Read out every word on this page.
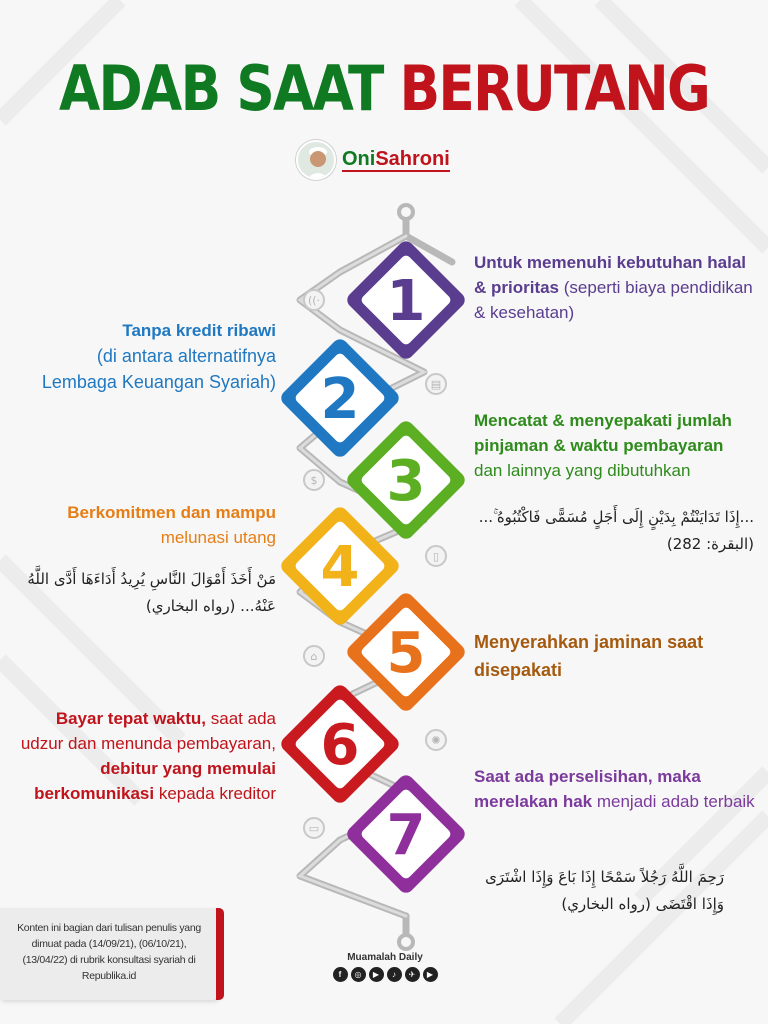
ADAB SAAT BERUTANG
OniSahroni
((·
▤
$
▯
⌂
✺
▭
1
2
3
4
5
6
7
Untuk memenuhi kebutuhan halal & prioritas (seperti biaya pendidikan & kesehatan)
Tanpa kredit ribawi
(di antara alternatifnya Lembaga Keuangan Syariah)
Mencatat & menyepakati jumlah pinjaman & waktu pembayaran
dan lainnya yang dibutuhkan
...إِذَا تَدَايَنْتُمْ بِدَيْنٍ إِلَى أَجَلٍ مُسَمًّى فَاكْتُبُوهُ ۚ...
(البقرة: 282)
Berkomitmen dan mampu
melunasi utang
مَنْ أَخَذَ أَمْوَالَ النَّاسِ يُرِيدُ أَدَاءَهَا أَدَّى اللَّهُ عَنْهُ... (رواه البخاري)
Menyerahkan jaminan saat disepakati
Bayar tepat waktu, saat ada udzur dan menunda pembayaran, debitur yang memulai berkomunikasi kepada kreditor
Saat ada perselisihan, maka merelakan hak menjadi adab terbaik
رَحِمَ اللَّهُ رَجُلاً سَمْحًا إِذَا بَاعَ وَإِذَا اشْتَرَى وَإِذَا اقْتَضَى (رواه البخاري)
Konten ini bagian dari tulisan penulis yang dimuat pada (14/09/21), (06/10/21), (13/04/22) di rubrik konsultasi syariah di Republika.id
Muamalah Daily
f	◎	▶	♪	✈	▶
